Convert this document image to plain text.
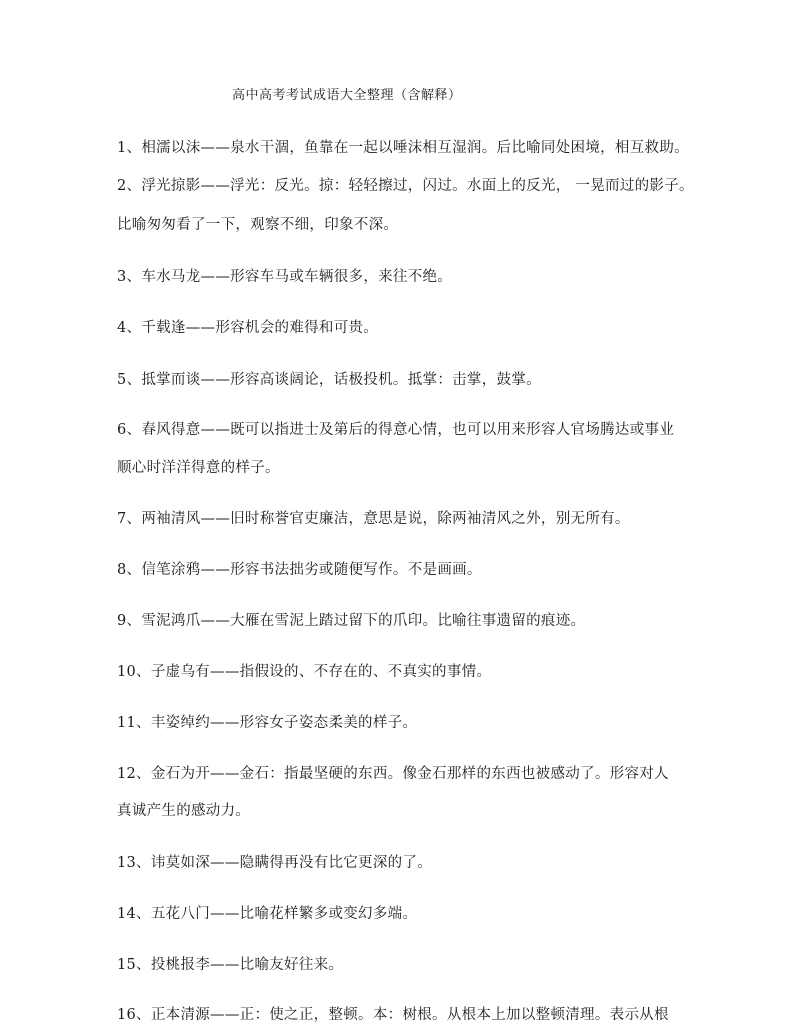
高中高考考试成语大全整理（含解释）
1、相濡以沫——泉水干涸，鱼靠在一起以唾沫相互湿润。后比喻同处困境，相互救助。
2、浮光掠影——浮光：反光。掠：轻轻擦过，闪过。水面上的反光， 一晃而过的影子。
比喻匆匆看了一下，观察不细，印象不深。
3、车水马龙——形容车马或车辆很多，来往不绝。
4、千载逢——形容机会的难得和可贵。
5、抵掌而谈——形容高谈阔论，话极投机。抵掌：击掌，鼓掌。
6、春风得意——既可以指进士及第后的得意心情，也可以用来形容人官场腾达或事业
顺心时洋洋得意的样子。
7、两袖清风——旧时称誉官吏廉洁，意思是说，除两袖清风之外，别无所有。
8、信笔涂鸦——形容书法拙劣或随便写作。不是画画。
9、雪泥鸿爪——大雁在雪泥上踏过留下的爪印。比喻往事遗留的痕迹。
10、子虚乌有——指假设的、不存在的、不真实的事情。
11、丰姿绰约——形容女子姿态柔美的样子。
12、金石为开——金石：指最坚硬的东西。像金石那样的东西也被感动了。形容对人
真诚产生的感动力。
13、讳莫如深——隐瞒得再没有比它更深的了。
14、五花八门——比喻花样繁多或变幻多端。
15、投桃报李——比喻友好往来。
16、正本清源——正：使之正，整顿。本：树根。从根本上加以整顿清理。表示从根
